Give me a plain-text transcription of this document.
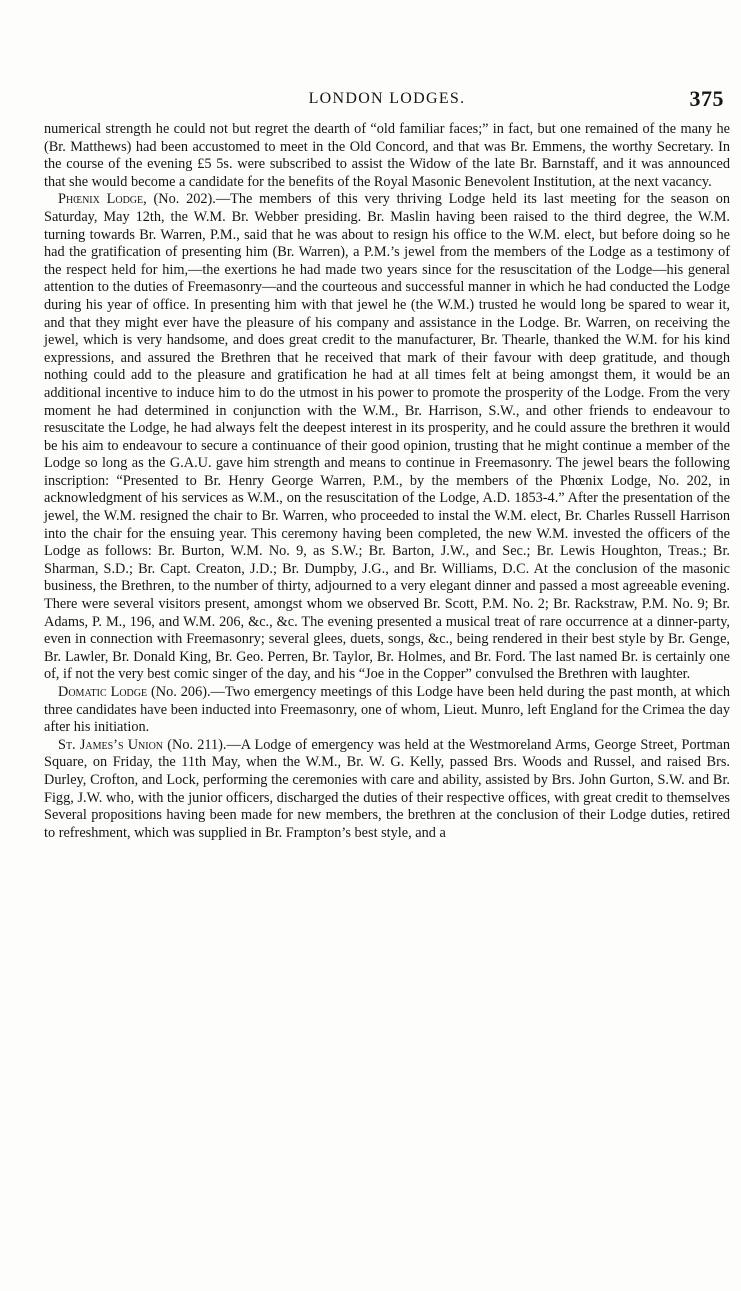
LONDON LODGES.	375

numerical strength he could not but regret the dearth of “old familiar faces;” in fact, but one remained of the many he (Br. Matthews) had been accustomed to meet in the Old Concord, and that was Br. Emmens, the worthy Secretary. In the course of the evening £5 5s. were subscribed to assist the Widow of the late Br. Barnstaff, and it was announced that she would become a candidate for the benefits of the Royal Masonic Benevolent Institution, at the next vacancy.

Phœnix Lodge, (No. 202).—The members of this very thriving Lodge held its last meeting for the season on Saturday, May 12th, the W.M. Br. Webber presiding. Br. Maslin having been raised to the third degree, the W.M. turning towards Br. Warren, P.M., said that he was about to resign his office to the W.M. elect, but before doing so he had the gratification of presenting him (Br. Warren), a P.M.’s jewel from the members of the Lodge as a testimony of the respect held for him,—the exertions he had made two years since for the resuscitation of the Lodge—his general attention to the duties of Freemasonry—and the courteous and successful manner in which he had conducted the Lodge during his year of office. In presenting him with that jewel he (the W.M.) trusted he would long be spared to wear it, and that they might ever have the pleasure of his company and assistance in the Lodge. Br. Warren, on receiving the jewel, which is very handsome, and does great credit to the manufacturer, Br. Thearle, thanked the W.M. for his kind expressions, and assured the Brethren that he received that mark of their favour with deep gratitude, and though nothing could add to the pleasure and gratification he had at all times felt at being amongst them, it would be an additional incentive to induce him to do the utmost in his power to promote the prosperity of the Lodge. From the very moment he had determined in conjunction with the W.M., Br. Harrison, S.W., and other friends to endeavour to resuscitate the Lodge, he had always felt the deepest interest in its prosperity, and he could assure the brethren it would be his aim to endeavour to secure a continuance of their good opinion, trusting that he might continue a member of the Lodge so long as the G.A.U. gave him strength and means to continue in Freemasonry. The jewel bears the following inscription: “Presented to Br. Henry George Warren, P.M., by the members of the Phœnix Lodge, No. 202, in acknowledgment of his services as W.M., on the resuscitation of the Lodge, A.D. 1853-4.” After the presentation of the jewel, the W.M. resigned the chair to Br. Warren, who proceeded to instal the W.M. elect, Br. Charles Russell Harrison into the chair for the ensuing year. This ceremony having been completed, the new W.M. invested the officers of the Lodge as follows: Br. Burton, W.M. No. 9, as S.W.; Br. Barton, J.W., and Sec.; Br. Lewis Houghton, Treas.; Br. Sharman, S.D.; Br. Capt. Creaton, J.D.; Br. Dumpby, J.G., and Br. Williams, D.C. At the conclusion of the masonic business, the Brethren, to the number of thirty, adjourned to a very elegant dinner and passed a most agreeable evening. There were several visitors present, amongst whom we observed Br. Scott, P.M. No. 2; Br. Rackstraw, P.M. No. 9; Br. Adams, P. M., 196, and W.M. 206, &c., &c. The evening presented a musical treat of rare occurrence at a dinner-party, even in connection with Freemasonry; several glees, duets, songs, &c., being rendered in their best style by Br. Genge, Br. Lawler, Br. Donald King, Br. Geo. Perren, Br. Taylor, Br. Holmes, and Br. Ford. The last named Br. is certainly one of, if not the very best comic singer of the day, and his “Joe in the Copper” convulsed the Brethren with laughter.

Domatic Lodge (No. 206).—Two emergency meetings of this Lodge have been held during the past month, at which three candidates have been inducted into Freemasonry, one of whom, Lieut. Munro, left England for the Crimea the day after his initiation.

St. James’s Union (No. 211).—A Lodge of emergency was held at the Westmoreland Arms, George Street, Portman Square, on Friday, the 11th May, when the W.M., Br. W. G. Kelly, passed Brs. Woods and Russel, and raised Brs. Durley, Crofton, and Lock, performing the ceremonies with care and ability, assisted by Brs. John Gurton, S.W. and Br. Figg, J.W. who, with the junior officers, discharged the duties of their respective offices, with great credit to themselves Several propositions having been made for new members, the brethren at the conclusion of their Lodge duties, retired to refreshment, which was supplied in Br. Frampton’s best style, and a
